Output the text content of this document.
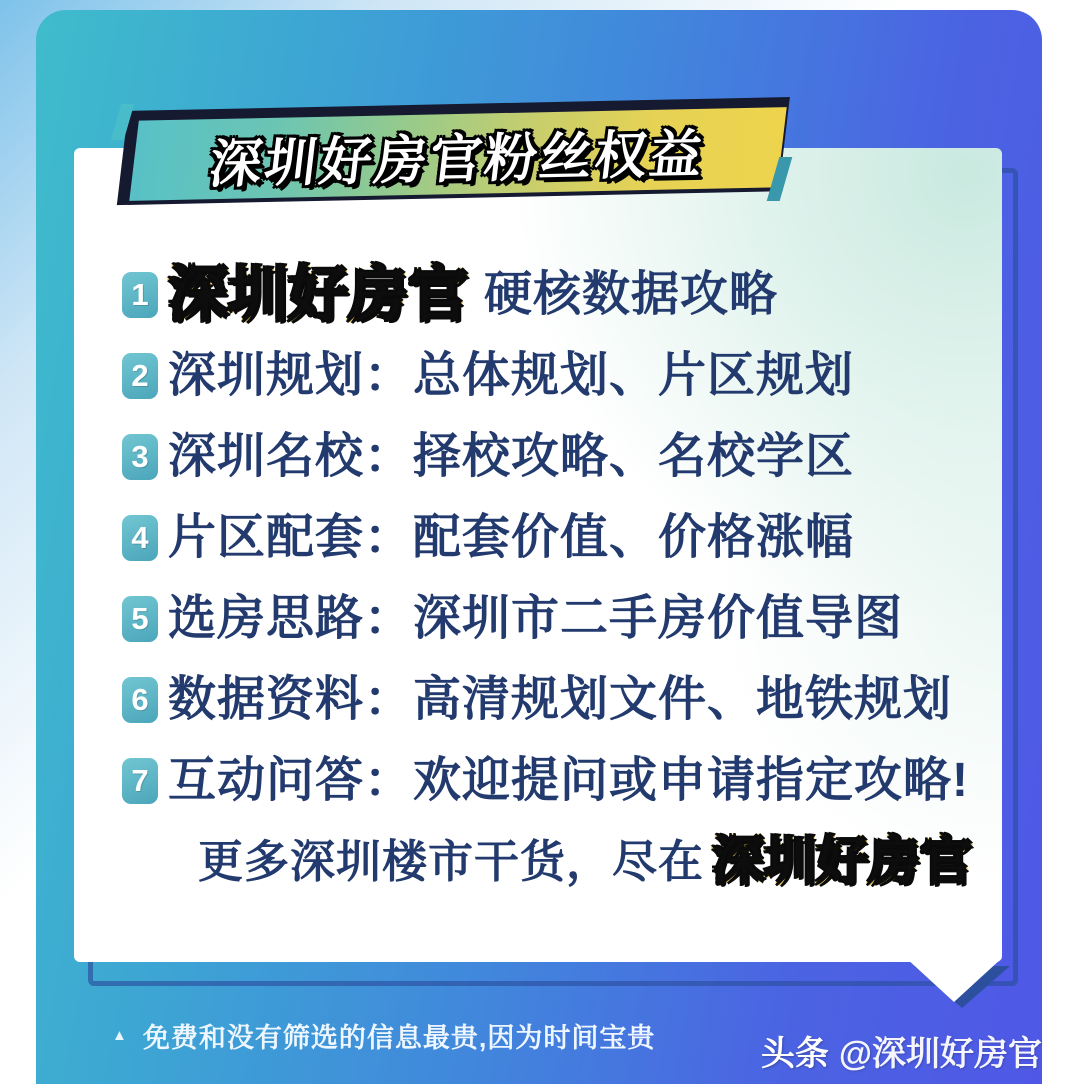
深圳好房官粉丝权益
1 深圳好房官 硬核数据攻略
2 深圳规划：总体规划、片区规划
3 深圳名校：择校攻略、名校学区
4 片区配套：配套价值、价格涨幅
5 选房思路：深圳市二手房价值导图
6 数据资料：高清规划文件、地铁规划
7 互动问答：欢迎提问或申请指定攻略!
更多深圳楼市干货，尽在 深圳好房官
▲ 免费和没有筛选的信息最贵,因为时间宝贵	头条 @深圳好房官
